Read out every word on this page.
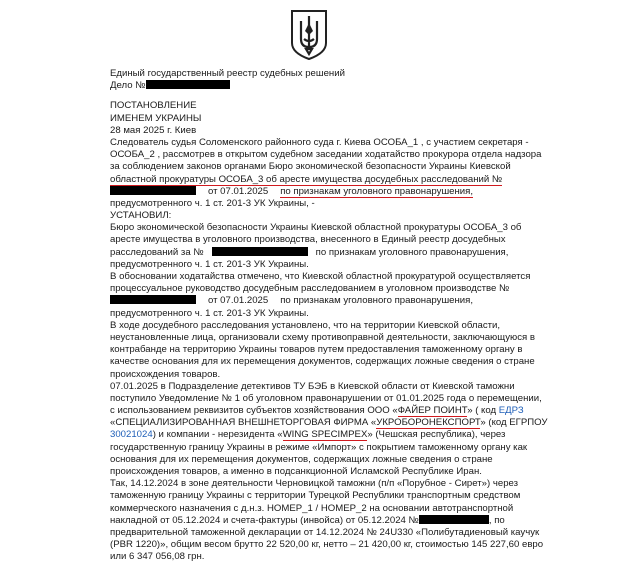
Единый государственный реестр судебных решений
Дело №
ПОСТАНОВЛЕНИЕ
ИМЕНЕМ УКРАИНЫ
28 мая 2025 г. Киев
Следователь судья Соломенского районного суда г. Киева ОСОБА_1 , с участием секретаря -
ОСОБА_2 , рассмотрев в открытом судебном заседании ходатайство прокурора отдела надзора
за соблюдением законов органами Бюро экономической безопасности Украины Киевской
областной прокуратуры ОСОБА_3 об аресте имущества досудебных расследований №
от 07.01.2025 по признакам уголовного правонарушения,
предусмотренного ч. 1 ст. 201-3 УК Украины, -
УСТАНОВИЛ:
Бюро экономической безопасности Украины Киевской областной прокуратуры ОСОБА_3 об
аресте имущества в уголовного производства, внесенного в Единый реестр досудебных
расследований за №	по признакам уголовного правонарушения,
предусмотренного ч. 1 ст. 201-3 УК Украины.
В обосновании ходатайства отмечено, что Киевской областной прокуратурой осуществляется
процессуальное руководство досудебным расследованием в уголовном производстве №
от 07.01.2025 по признакам уголовного правонарушения,
предусмотренного ч. 1 ст. 201-3 УК Украины.
В ходе досудебного расследования установлено, что на территории Киевской области,
неустановленные лица, организовали схему противоправной деятельности, заключающуюся в
контрабанде на территорию Украины товаров путем предоставления таможенному органу в
качестве основания для их перемещения документов, содержащих ложные сведения о стране
происхождения товаров.
07.01.2025 в Подразделение детективов ТУ БЭБ в Киевской области от Киевской таможни
поступило Уведомление № 1 об уголовном правонарушении от 01.01.2025 года о перемещении,
с использованием реквизитов субъектов хозяйствования ООО «ФАЙЕР ПОИНТ» ( код ЕДРЗ
«СПЕЦИАЛИЗИРОВАННАЯ ВНЕШНЕТОРГОВАЯ ФИРМА «УКРОБОРОНЕКСПОРТ» (код ЕГРПОУ
30021024) и компании - нерезидента «WING SPECIMPEX» (Чешская республика), через
государственную границу Украины в режиме «Импорт» с покрытием таможенному органу как
основания для их перемещения документов, содержащих ложные сведения о стране
происхождения товаров, а именно в подсанкционной Исламской Республике Иран.
Так, 14.12.2024 в зоне деятельности Черновицкой таможни (п/п «Порубное - Сирет») через
таможенную границу Украины с территории Турецкой Республики транспортным средством
коммерческого назначения с д.н.з. НОМЕР_1 / НОМЕР_2 на основании автотранспортной
накладной от 05.12.2024 и счета-фактуры (инвойса) от 05.12.2024 №	, по
предварительной таможенной декларации от 14.12.2024 № 24U330 «Полибутадиеновый каучук
(PBR 1220)», общим весом брутто 22 520,00 кг, нетто – 21 420,00 кг, стоимостью 145 227,60 евро
или 6 347 056,08 грн.
